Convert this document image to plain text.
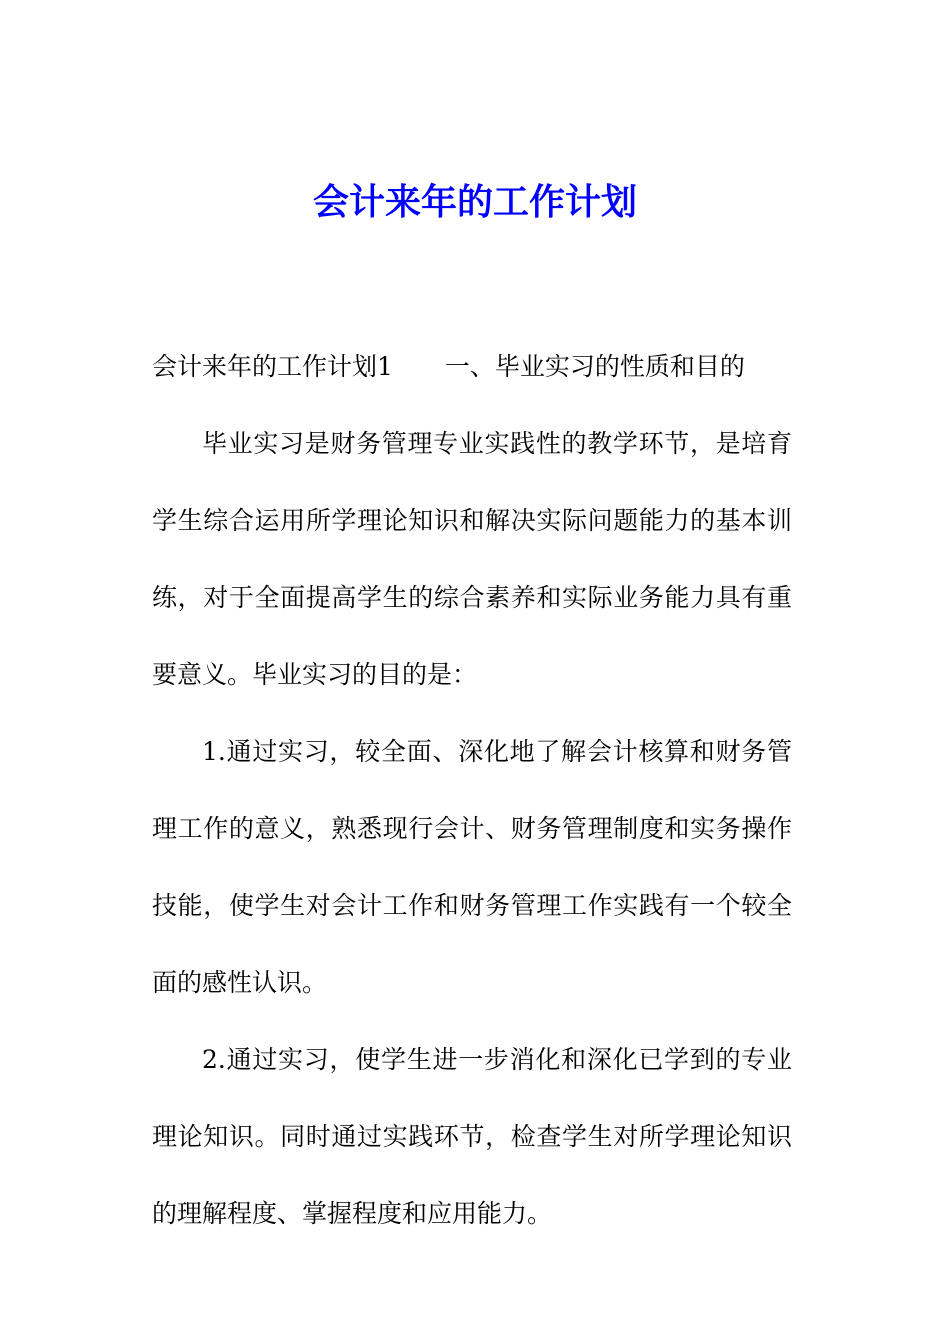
会计来年的工作计划

会计来年的工作计划1 一、毕业实习的性质和目的

毕业实习是财务管理专业实践性的教学环节，是培育学生综合运用所学理论知识和解决实际问题能力的基本训练，对于全面提高学生的综合素养和实际业务能力具有重要意义。毕业实习的目的是：

1.通过实习，较全面、深化地了解会计核算和财务管理工作的意义，熟悉现行会计、财务管理制度和实务操作技能，使学生对会计工作和财务管理工作实践有一个较全面的感性认识。

2.通过实习，使学生进一步消化和深化已学到的专业理论知识。同时通过实践环节，检查学生对所学理论知识的理解程度、掌握程度和应用能力。
